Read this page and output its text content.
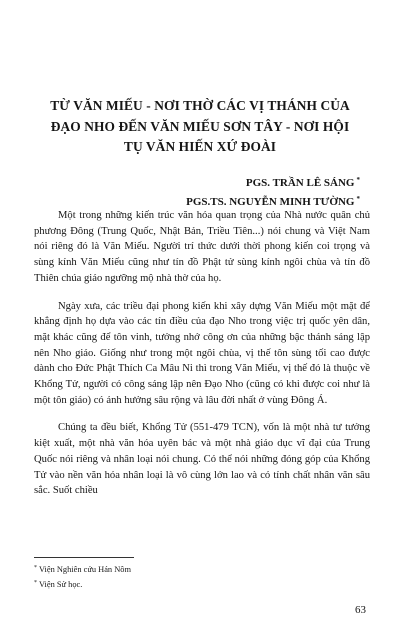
TỪ VĂN MIẾU - NƠI THỜ CÁC VỊ THÁNH CỦA
ĐẠO NHO ĐẾN VĂN MIẾU SƠN TÂY - NƠI HỘI
TỤ VĂN HIẾN XỨ ĐOÀI
PGS. TRẦN LÊ SÁNG *
PGS.TS. NGUYỄN MINH TƯỜNG *

Một trong những kiến trúc văn hóa quan trọng của Nhà nước quân chủ phương Đông (Trung Quốc, Nhật Bản, Triều Tiên...) nói chung và Việt Nam nói riêng đó là Văn Miếu. Người trí thức dưới thời phong kiến coi trọng và sùng kính Văn Miếu cũng như tín đồ Phật tử sùng kính ngôi chùa và tín đồ Thiên chúa giáo ngưỡng mộ nhà thờ của họ.

Ngày xưa, các triều đại phong kiến khi xây dựng Văn Miếu một mặt để khẳng định họ dựa vào các tín điều của đạo Nho trong việc trị quốc yên dân, mặt khác cũng để tôn vinh, tưởng nhớ công ơn của những bậc thánh sáng lập nên Nho giáo. Giống như trong một ngôi chùa, vị thế tôn sùng tối cao được dành cho Đức Phật Thích Ca Mâu Ni thì trong Văn Miếu, vị thế đó là thuộc về Khổng Tử, người có công sáng lập nên Đạo Nho (cũng có khi được coi như là một tôn giáo) có ảnh hưởng sâu rộng và lâu đời nhất ở vùng Đông Á.

Chúng ta đều biết, Khổng Tử (551-479 TCN), vốn là một nhà tư tưởng kiệt xuất, một nhà văn hóa uyên bác và một nhà giáo dục vĩ đại của Trung Quốc nói riêng và nhân loại nói chung. Có thể nói những đóng góp của Khổng Tử vào nền văn hóa nhân loại là vô cùng lớn lao và có tính chất nhân văn sâu sắc. Suốt chiều

* Viện Nghiên cứu Hán Nôm
* Viện Sử học.
63
